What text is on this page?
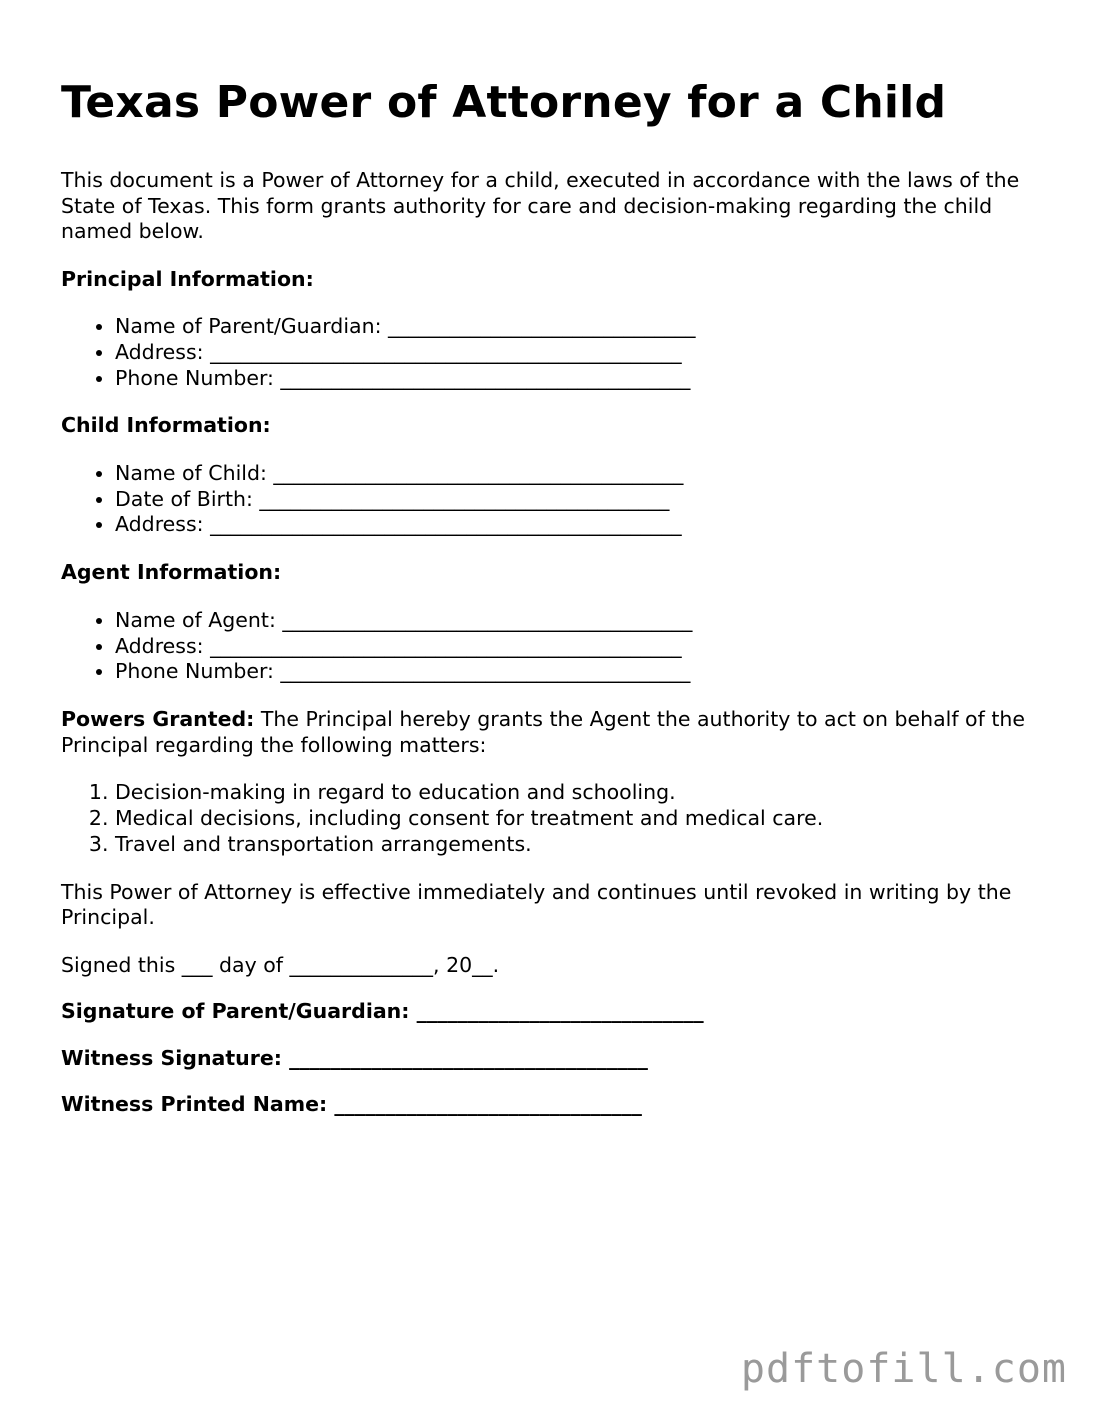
Texas Power of Attorney for a Child

This document is a Power of Attorney for a child, executed in accordance with the laws of the State of Texas. This form grants authority for care and decision-making regarding the child named below.

Principal Information:
• Name of Parent/Guardian: ______________________________
• Address: ______________________________________________
• Phone Number: ________________________________________
Child Information:
• Name of Child: ________________________________________
• Date of Birth: ________________________________________
• Address: ______________________________________________
Agent Information:
• Name of Agent: ________________________________________
• Address: ______________________________________________
• Phone Number: ________________________________________

Powers Granted: The Principal hereby grants the Agent the authority to act on behalf of the Principal regarding the following matters:

1. Decision-making in regard to education and schooling.
2. Medical decisions, including consent for treatment and medical care.
3. Travel and transportation arrangements.

This Power of Attorney is effective immediately and continues until revoked in writing by the Principal.

Signed this ___ day of ______________, 20__.

Signature of Parent/Guardian: ____________________________

Witness Signature: ___________________________________

Witness Printed Name: ______________________________

pdftofill.com
